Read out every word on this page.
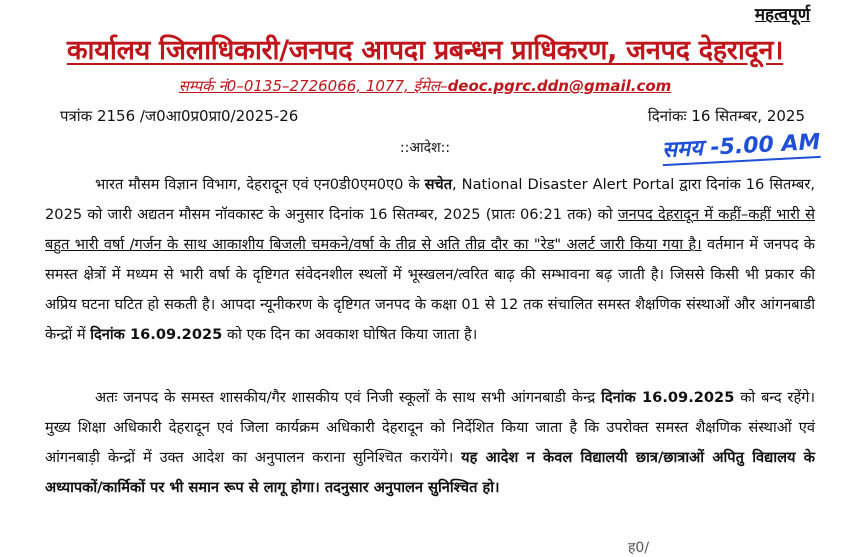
महत्वपूर्ण
कार्यालय जिलाधिकारी/जनपद आपदा प्रबन्धन प्राधिकरण, जनपद देहरादून।
सम्पर्क नं0–0135–2726066, 1077, ईमेल–deoc.pgrc.ddn@gmail.com
पत्रांक 2156 /ज0आ0प्र0प्रा0/2025-26	दिनांकः 16 सितम्बर, 2025
::आदेश::	समय -5.00 AM
भारत मौसम विज्ञान विभाग, देहरादून एवं एन0डी0एम0ए0 के सचेत, National Disaster Alert Portal द्वारा दिनांक 16 सितम्बर, 2025 को जारी अद्यतन मौसम नॉवकास्ट के अनुसार दिनांक 16 सितम्बर, 2025 (प्रातः 06:21 तक) को जनपद देहरादून में कहीं–कहीं भारी से बहुत भारी वर्षा /गर्जन के साथ आकाशीय बिजली चमकने/वर्षा के तीव्र से अति तीव्र दौर का "रेड" अलर्ट जारी किया गया है। वर्तमान में जनपद के समस्त क्षेत्रों में मध्यम से भारी वर्षा के दृष्टिगत संवेदनशील स्थलों में भूस्खलन/त्वरित बाढ़ की सम्भावना बढ़ जाती है। जिससे किसी भी प्रकार की अप्रिय घटना घटित हो सकती है। आपदा न्यूनीकरण के दृष्टिगत जनपद के कक्षा 01 से 12 तक संचालित समस्त शैक्षणिक संस्थाओं और आंगनबाडी केन्द्रों में दिनांक 16.09.2025 को एक दिन का अवकाश घोषित किया जाता है।
अतः जनपद के समस्त शासकीय/गैर शासकीय एवं निजी स्कूलों के साथ सभी आंगनबाडी केन्द्र दिनांक 16.09.2025 को बन्द रहेंगे। मुख्य शिक्षा अधिकारी देहरादून एवं जिला कार्यक्रम अधिकारी देहरादून को निर्देशित किया जाता है कि उपरोक्त समस्त शैक्षणिक संस्थाओं एवं आंगनबाड़ी केन्द्रों में उक्त आदेश का अनुपालन कराना सुनिश्चित करायेंगे। यह आदेश न केवल विद्यालयी छात्र/छात्राओं अपितु विद्यालय के अध्यापकों/कार्मिकों पर भी समान रूप से लागू होगा। तदनुसार अनुपालन सुनिश्चित हो।
ह0/
